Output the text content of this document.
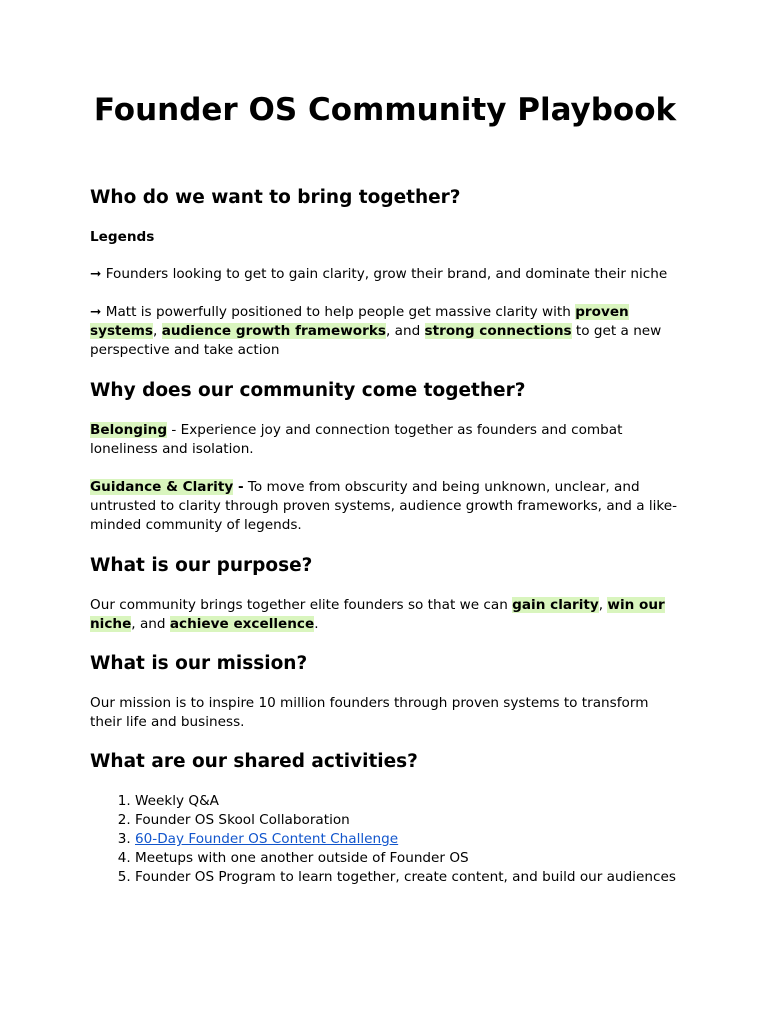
Founder OS Community Playbook
Who do we want to bring together?

Legends

➞ Founders looking to get to gain clarity, grow their brand, and dominate their niche

➞ Matt is powerfully positioned to help people get massive clarity with proven systems, audience growth frameworks, and strong connections to get a new perspective and take action

Why does our community come together?

Belonging - Experience joy and connection together as founders and combat loneliness and isolation.

Guidance & Clarity - To move from obscurity and being unknown, unclear, and untrusted to clarity through proven systems, audience growth frameworks, and a like-minded community of legends.

What is our purpose?

Our community brings together elite founders so that we can gain clarity, win our niche, and achieve excellence.

What is our mission?

Our mission is to inspire 10 million founders through proven systems to transform their life and business.

What are our shared activities?
1. Weekly Q&A
2. Founder OS Skool Collaboration
3. 60-Day Founder OS Content Challenge
4. Meetups with one another outside of Founder OS
5. Founder OS Program to learn together, create content, and build our audiences
